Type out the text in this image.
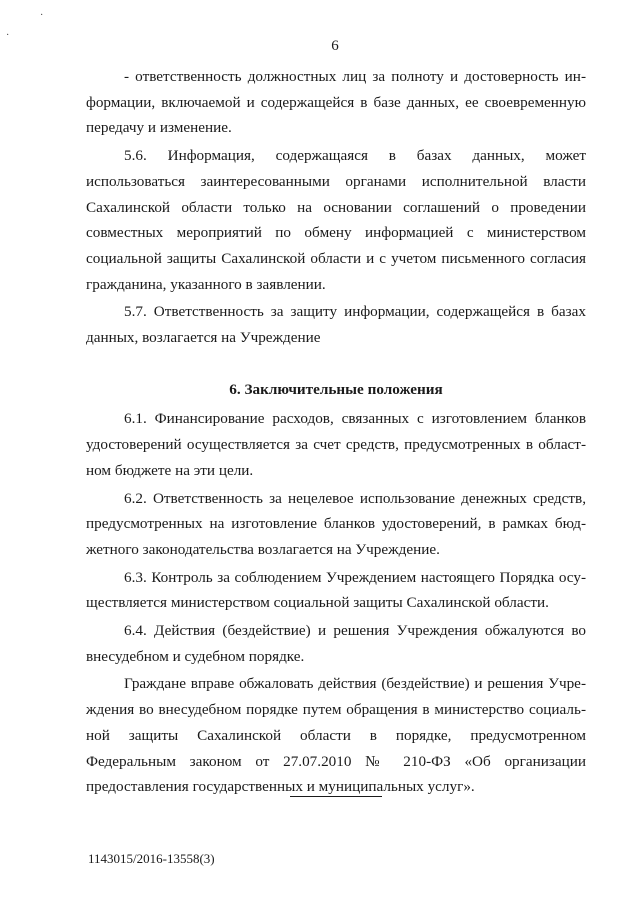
·
·
6

- ответственность должностных лиц за полноту и достоверность информации, включаемой и содержащейся в базе данных, ее своевременную передачу и изменение.

5.6. Информация, содержащаяся в базах данных, может использоваться заинтересованными органами исполнительной власти Сахалинской области только на основании соглашений о проведении совместных мероприятий по обмену информацией с министерством социальной защиты Сахалинской области и с учетом письменного согласия гражданина, указанного в заявлении.

5.7. Ответственность за защиту информации, содержащейся в базах данных, возлагается на Учреждение

6. Заключительные положения

6.1. Финансирование расходов, связанных с изготовлением бланков удостоверений осуществляется за счет средств, предусмотренных в областном бюджете на эти цели.

6.2. Ответственность за нецелевое использование денежных средств, предусмотренных на изготовление бланков удостоверений, в рамках бюджетного законодательства возлагается на Учреждение.

6.3. Контроль за соблюдением Учреждением настоящего Порядка осуществляется министерством социальной защиты Сахалинской области.

6.4. Действия (бездействие) и решения Учреждения обжалуются во внесудебном и судебном порядке.

Граждане вправе обжаловать действия (бездействие) и решения Учреждения во внесудебном порядке путем обращения в министерство социальной защиты Сахалинской области в порядке, предусмотренном Федеральным законом от 27.07.2010 № 210-ФЗ «Об организации предоставления государственных и муниципальных услуг».

1143015/2016-13558(3)
